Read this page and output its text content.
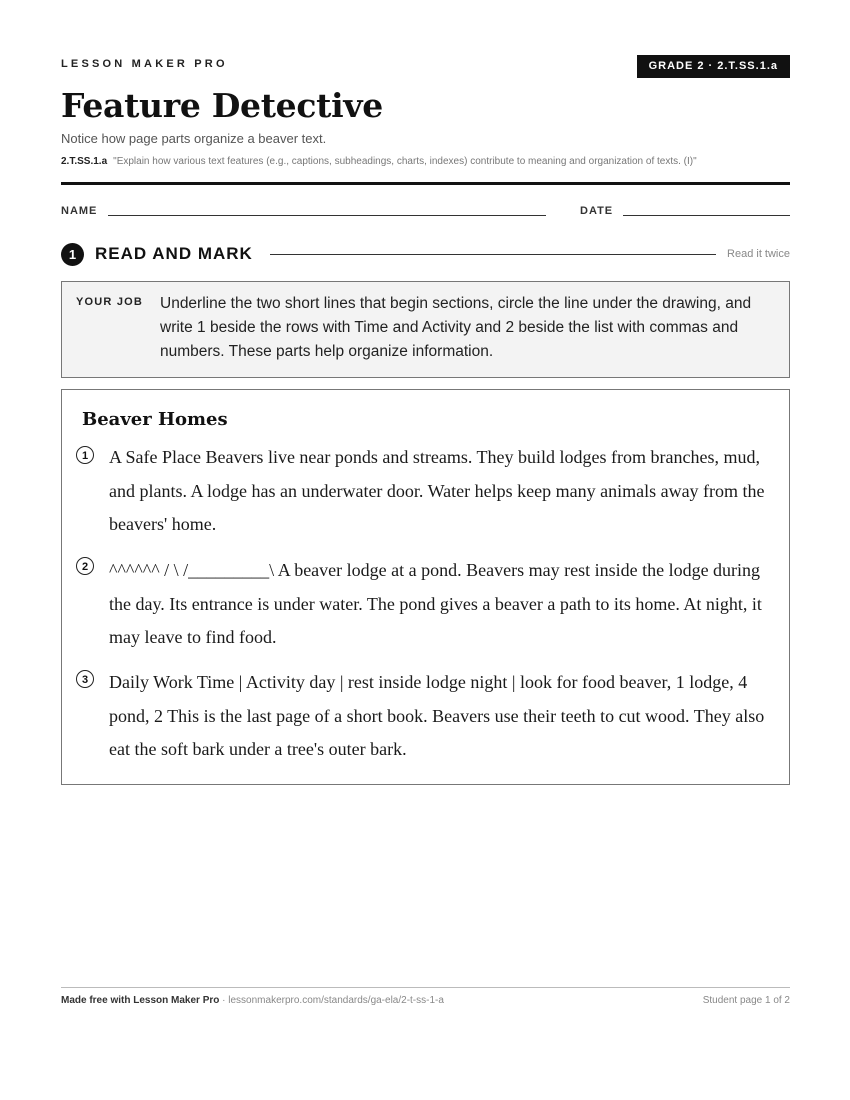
LESSON MAKER PRO	GRADE 2 · 2.T.SS.1.a
Feature Detective
Notice how page parts organize a beaver text.
2.T.SS.1.a "Explain how various text features (e.g., captions, subheadings, charts, indexes) contribute to meaning and organization of texts. (I)"
NAME	DATE
1	READ AND MARK	Read it twice
YOUR JOB Underline the two short lines that begin sections, circle the line under the drawing, and write 1 beside the rows with Time and Activity and 2 beside the list with commas and numbers. These parts help organize information.
Beaver Homes
1	A Safe Place Beavers live near ponds and streams. They build lodges from branches, mud, and plants. A lodge has an underwater door. Water helps keep many animals away from the beavers' home.
2	^^^^^^ / \ /_________\ A beaver lodge at a pond. Beavers may rest inside the lodge during the day. Its entrance is under water. The pond gives a beaver a path to its home. At night, it may leave to find food.
3	Daily Work Time | Activity day | rest inside lodge night | look for food beaver, 1 lodge, 4 pond, 2 This is the last page of a short book. Beavers use their teeth to cut wood. They also eat the soft bark under a tree's outer bark.
Made free with Lesson Maker Pro · lessonmakerpro.com/standards/ga-ela/2-t-ss-1-a	Student page 1 of 2
